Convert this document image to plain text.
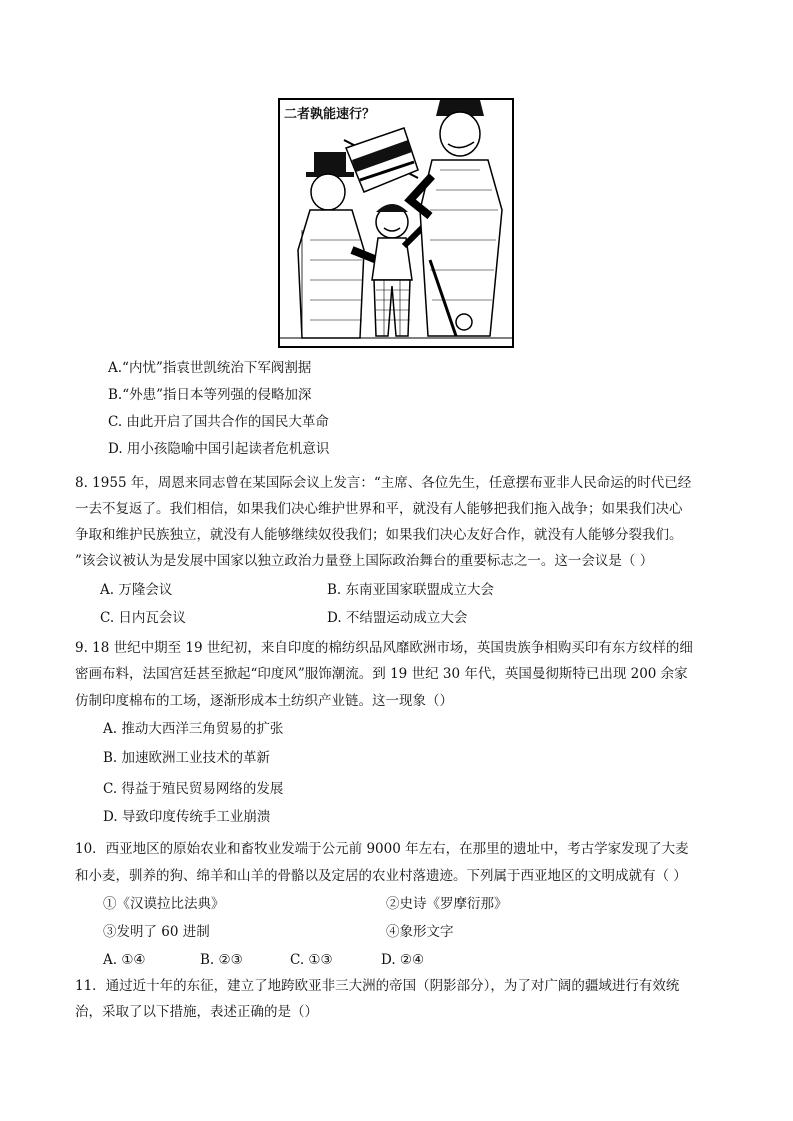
二者孰能速行？
A.“内忧”指袁世凯统治下军阀割据
B.“外患”指日本等列强的侵略加深
C. 由此开启了国共合作的国民大革命
D. 用小孩隐喻中国引起读者危机意识
8. 1955 年，周恩来同志曾在某国际会议上发言：“主席、各位先生，任意摆布亚非人民命运的时代已经
一去不复返了。我们相信，如果我们决心维护世界和平，就没有人能够把我们拖入战争；如果我们决心
争取和维护民族独立，就没有人能够继续奴役我们；如果我们决心友好合作，就没有人能够分裂我们。
”该会议被认为是发展中国家以独立政治力量登上国际政治舞台的重要标志之一。这一会议是（ ）
A. 万隆会议	B. 东南亚国家联盟成立大会
C. 日内瓦会议	D. 不结盟运动成立大会
9. 18 世纪中期至 19 世纪初，来自印度的棉纺织品风靡欧洲市场，英国贵族争相购买印有东方纹样的细
密画布料，法国宫廷甚至掀起“印度风”服饰潮流。到 19 世纪 30 年代，英国曼彻斯特已出现 200 余家
仿制印度棉布的工场，逐渐形成本土纺织产业链。这一现象（）
A. 推动大西洋三角贸易的扩张
B. 加速欧洲工业技术的革新
C. 得益于殖民贸易网络的发展
D. 导致印度传统手工业崩溃
10．西亚地区的原始农业和畜牧业发端于公元前 9000 年左右，在那里的遗址中，考古学家发现了大麦
和小麦，驯养的狗、绵羊和山羊的骨骼以及定居的农业村落遗迹。下列属于西亚地区的文明成就有（ ）
①《汉谟拉比法典》	②史诗《罗摩衍那》
③发明了 60 进制	④象形文字
A. ①④	B. ②③	C. ①③	D. ②④
11．通过近十年的东征，建立了地跨欧亚非三大洲的帝国（阴影部分），为了对广阔的疆域进行有效统
治，采取了以下措施，表述正确的是（）
